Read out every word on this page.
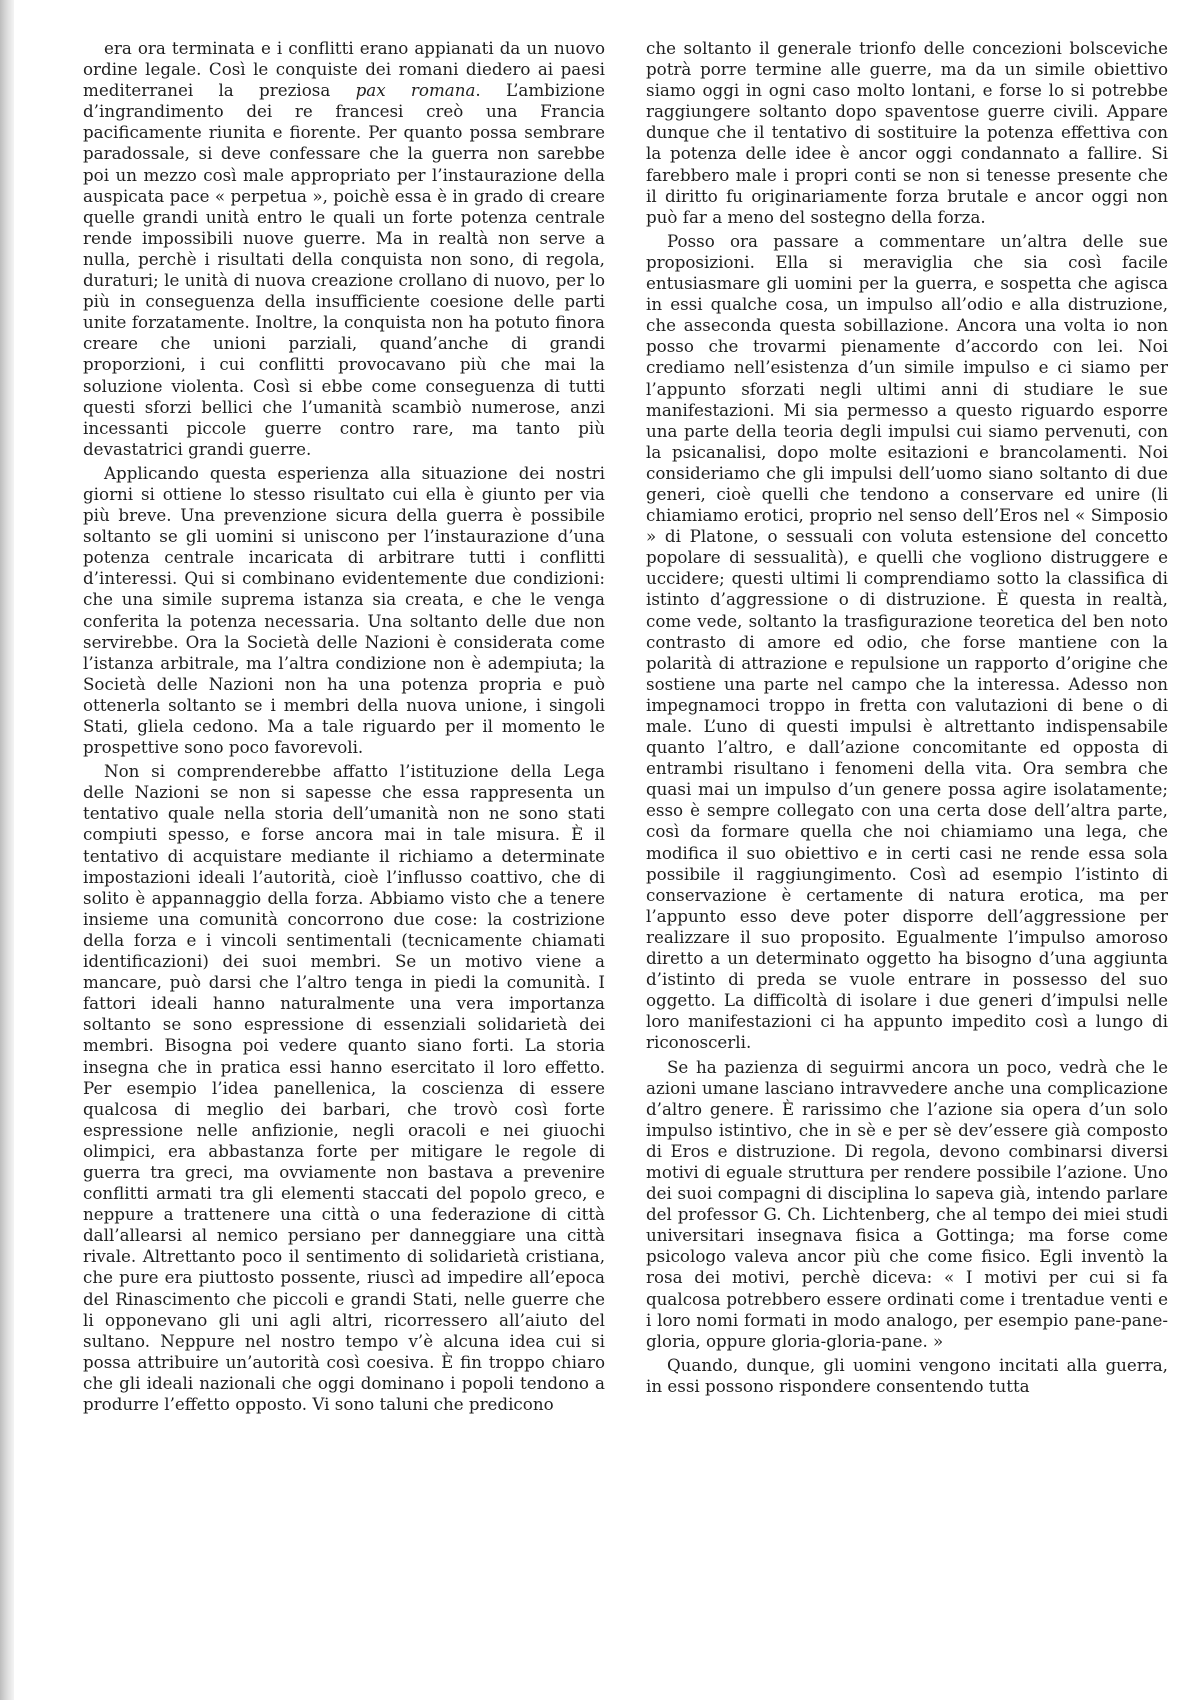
era ora terminata e i conflitti erano appianati da un nuovo ordine legale. Così le conquiste dei romani diedero ai paesi mediterranei la preziosa pax romana. L’ambizione d’ingrandimento dei re francesi creò una Francia pacificamente riunita e fiorente. Per quanto possa sembrare paradossale, si deve confessare che la guerra non sarebbe poi un mezzo così male appropriato per l’instaurazione della auspicata pace « perpetua », poichè essa è in grado di creare quelle grandi unità entro le quali un forte potenza centrale rende impossibili nuove guerre. Ma in realtà non serve a nulla, perchè i risultati della conquista non sono, di regola, duraturi; le unità di nuova creazione crollano di nuovo, per lo più in conseguenza della insufficiente coesione delle parti unite forzatamente. Inoltre, la conquista non ha potuto finora creare che unioni parziali, quand’anche di grandi proporzioni, i cui conflitti provocavano più che mai la soluzione violenta. Così si ebbe come conseguenza di tutti questi sforzi bellici che l’umanità scambiò numerose, anzi incessanti piccole guerre contro rare, ma tanto più devastatrici grandi guerre.

Applicando questa esperienza alla situazione dei nostri giorni si ottiene lo stesso risultato cui ella è giunto per via più breve. Una prevenzione sicura della guerra è possibile soltanto se gli uomini si uniscono per l’instaurazione d’una potenza centrale incaricata di arbitrare tutti i conflitti d’interessi. Qui si combinano evidentemente due condizioni: che una simile suprema istanza sia creata, e che le venga conferita la potenza necessaria. Una soltanto delle due non servirebbe. Ora la Società delle Nazioni è considerata come l’istanza arbitrale, ma l’altra condizione non è adempiuta; la Società delle Nazioni non ha una potenza propria e può ottenerla soltanto se i membri della nuova unione, i singoli Stati, gliela cedono. Ma a tale riguardo per il momento le prospettive sono poco favorevoli.

Non si comprenderebbe affatto l’istituzione della Lega delle Nazioni se non si sapesse che essa rappresenta un tentativo quale nella storia dell’umanità non ne sono stati compiuti spesso, e forse ancora mai in tale misura. È il tentativo di acquistare mediante il richiamo a determinate impostazioni ideali l’autorità, cioè l’influsso coattivo, che di solito è appannaggio della forza. Abbiamo visto che a tenere insieme una comunità concorrono due cose: la costrizione della forza e i vincoli sentimentali (tecnicamente chiamati identificazioni) dei suoi membri. Se un motivo viene a mancare, può darsi che l’altro tenga in piedi la comunità. I fattori ideali hanno naturalmente una vera importanza soltanto se sono espressione di essenziali solidarietà dei membri. Bisogna poi vedere quanto siano forti. La storia insegna che in pratica essi hanno esercitato il loro effetto. Per esempio l’idea panellenica, la coscienza di essere qualcosa di meglio dei barbari, che trovò così forte espressione nelle anfizionie, negli oracoli e nei giuochi olimpici, era abbastanza forte per mitigare le regole di guerra tra greci, ma ovviamente non bastava a prevenire conflitti armati tra gli elementi staccati del popolo greco, e neppure a trattenere una città o una federazione di città dall’allearsi al nemico persiano per danneggiare una città rivale. Altrettanto poco il sentimento di solidarietà cristiana, che pure era piuttosto possente, riuscì ad impedire all’epoca del Rinascimento che piccoli e grandi Stati, nelle guerre che li opponevano gli uni agli altri, ricorressero all’aiuto del sultano. Neppure nel nostro tempo v’è alcuna idea cui si possa attribuire un’autorità così coesiva. È fin troppo chiaro che gli ideali nazionali che oggi dominano i popoli tendono a produrre l’effetto opposto. Vi sono taluni che predicono

che soltanto il generale trionfo delle concezioni bolsceviche potrà porre termine alle guerre, ma da un simile obiettivo siamo oggi in ogni caso molto lontani, e forse lo si potrebbe raggiungere soltanto dopo spaventose guerre civili. Appare dunque che il tentativo di sostituire la potenza effettiva con la potenza delle idee è ancor oggi condannato a fallire. Si farebbero male i propri conti se non si tenesse presente che il diritto fu originariamente forza brutale e ancor oggi non può far a meno del sostegno della forza.

Posso ora passare a commentare un’altra delle sue proposizioni. Ella si meraviglia che sia così facile entusiasmare gli uomini per la guerra, e sospetta che agisca in essi qualche cosa, un impulso all’odio e alla distruzione, che asseconda questa sobillazione. Ancora una volta io non posso che trovarmi pienamente d’accordo con lei. Noi crediamo nell’esistenza d’un simile impulso e ci siamo per l’appunto sforzati negli ultimi anni di studiare le sue manifestazioni. Mi sia permesso a questo riguardo esporre una parte della teoria degli impulsi cui siamo pervenuti, con la psicanalisi, dopo molte esitazioni e brancolamenti. Noi consideriamo che gli impulsi dell’uomo siano soltanto di due generi, cioè quelli che tendono a conservare ed unire (li chiamiamo erotici, proprio nel senso dell’Eros nel « Simposio » di Platone, o sessuali con voluta estensione del concetto popolare di sessualità), e quelli che vogliono distruggere e uccidere; questi ultimi li comprendiamo sotto la classifica di istinto d’aggressione o di distruzione. È questa in realtà, come vede, soltanto la trasfigurazione teoretica del ben noto contrasto di amore ed odio, che forse mantiene con la polarità di attrazione e repulsione un rapporto d’origine che sostiene una parte nel campo che la interessa. Adesso non impegnamoci troppo in fretta con valutazioni di bene o di male. L’uno di questi impulsi è altrettanto indispensabile quanto l’altro, e dall’azione concomitante ed opposta di entrambi risultano i fenomeni della vita. Ora sembra che quasi mai un impulso d’un genere possa agire isolatamente; esso è sempre collegato con una certa dose dell’altra parte, così da formare quella che noi chiamiamo una lega, che modifica il suo obiettivo e in certi casi ne rende essa sola possibile il raggiungimento. Così ad esempio l’istinto di conservazione è certamente di natura erotica, ma per l’appunto esso deve poter disporre dell’aggressione per realizzare il suo proposito. Egualmente l’impulso amoroso diretto a un determinato oggetto ha bisogno d’una aggiunta d’istinto di preda se vuole entrare in possesso del suo oggetto. La difficoltà di isolare i due generi d’impulsi nelle loro manifestazioni ci ha appunto impedito così a lungo di riconoscerli.

Se ha pazienza di seguirmi ancora un poco, vedrà che le azioni umane lasciano intravvedere anche una complicazione d’altro genere. È rarissimo che l’azione sia opera d’un solo impulso istintivo, che in sè e per sè dev’essere già composto di Eros e distruzione. Di regola, devono combinarsi diversi motivi di eguale struttura per rendere possibile l’azione. Uno dei suoi compagni di disciplina lo sapeva già, intendo parlare del professor G. Ch. Lichtenberg, che al tempo dei miei studi universitari insegnava fisica a Gottinga; ma forse come psicologo valeva ancor più che come fisico. Egli inventò la rosa dei motivi, perchè diceva: « I motivi per cui si fa qualcosa potrebbero essere ordinati come i trentadue venti e i loro nomi formati in modo analogo, per esempio pane-pane-gloria, oppure gloria-gloria-pane. »

Quando, dunque, gli uomini vengono incitati alla guerra, in essi possono rispondere consentendo tutta
